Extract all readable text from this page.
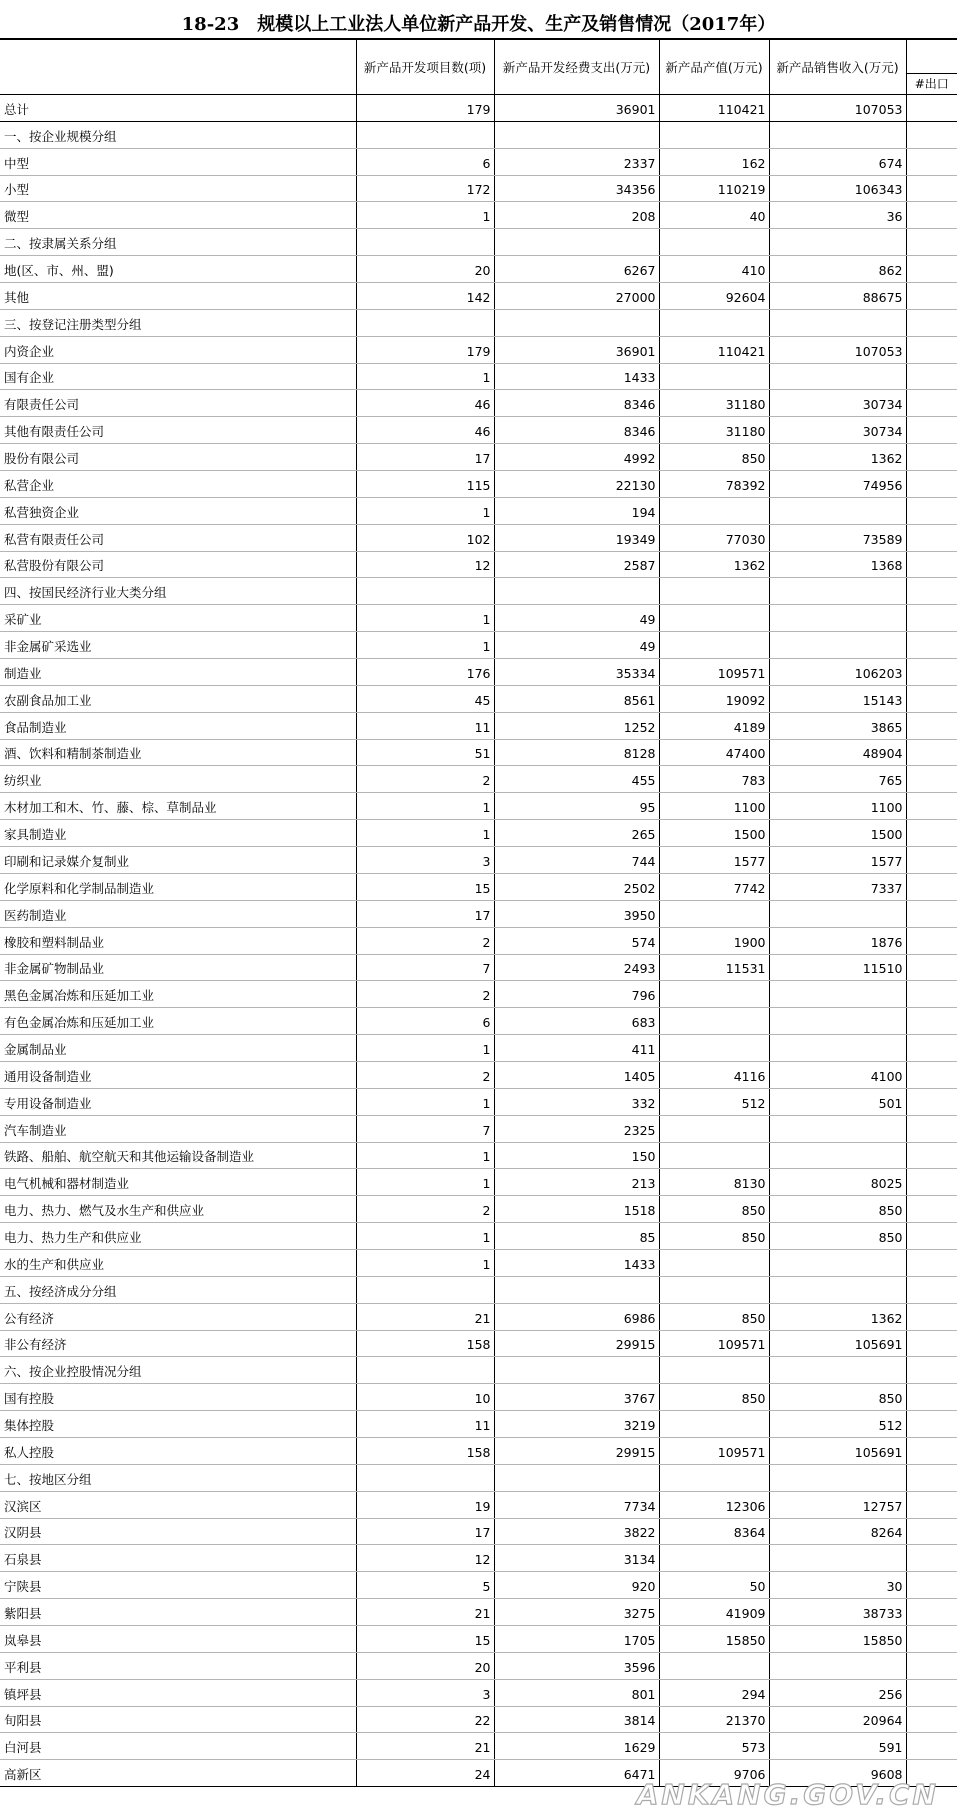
18-23 规模以上工业法人单位新产品开发、生产及销售情况（2017年）
	新产品开发项目数(项)	新产品开发经费支出(万元)	新产品产值(万元)	新产品销售收入(万元)	#出口

总计	179	36901	110421	107053	
一、按企业规模分组					
中型	6	2337	162	674	
小型	172	34356	110219	106343	
微型	1	208	40	36	
二、按隶属关系分组					
地(区、市、州、盟)	20	6267	410	862	
其他	142	27000	92604	88675	
三、按登记注册类型分组					
内资企业	179	36901	110421	107053	
国有企业	1	1433			
有限责任公司	46	8346	31180	30734	
其他有限责任公司	46	8346	31180	30734	
股份有限公司	17	4992	850	1362	
私营企业	115	22130	78392	74956	
私营独资企业	1	194			
私营有限责任公司	102	19349	77030	73589	
私营股份有限公司	12	2587	1362	1368	
四、按国民经济行业大类分组					
采矿业	1	49			
非金属矿采选业	1	49			
制造业	176	35334	109571	106203	
农副食品加工业	45	8561	19092	15143	
食品制造业	11	1252	4189	3865	
酒、饮料和精制茶制造业	51	8128	47400	48904	
纺织业	2	455	783	765	
木材加工和木、竹、藤、棕、草制品业	1	95	1100	1100	
家具制造业	1	265	1500	1500	
印刷和记录媒介复制业	3	744	1577	1577	
化学原料和化学制品制造业	15	2502	7742	7337	
医药制造业	17	3950			
橡胶和塑料制品业	2	574	1900	1876	
非金属矿物制品业	7	2493	11531	11510	
黑色金属冶炼和压延加工业	2	796			
有色金属冶炼和压延加工业	6	683			
金属制品业	1	411			
通用设备制造业	2	1405	4116	4100	
专用设备制造业	1	332	512	501	
汽车制造业	7	2325			
铁路、船舶、航空航天和其他运输设备制造业	1	150			
电气机械和器材制造业	1	213	8130	8025	
电力、热力、燃气及水生产和供应业	2	1518	850	850	
电力、热力生产和供应业	1	85	850	850	
水的生产和供应业	1	1433			
五、按经济成分分组					
公有经济	21	6986	850	1362	
非公有经济	158	29915	109571	105691	
六、按企业控股情况分组					
国有控股	10	3767	850	850	
集体控股	11	3219		512	
私人控股	158	29915	109571	105691	
七、按地区分组					
汉滨区	19	7734	12306	12757	
汉阴县	17	3822	8364	8264	
石泉县	12	3134			
宁陕县	5	920	50	30	
紫阳县	21	3275	41909	38733	
岚皋县	15	1705	15850	15850	
平利县	20	3596			
镇坪县	3	801	294	256	
旬阳县	22	3814	21370	20964	
白河县	21	1629	573	591	
高新区	24	6471	9706	9608	
ANKANG.GOV.CN
